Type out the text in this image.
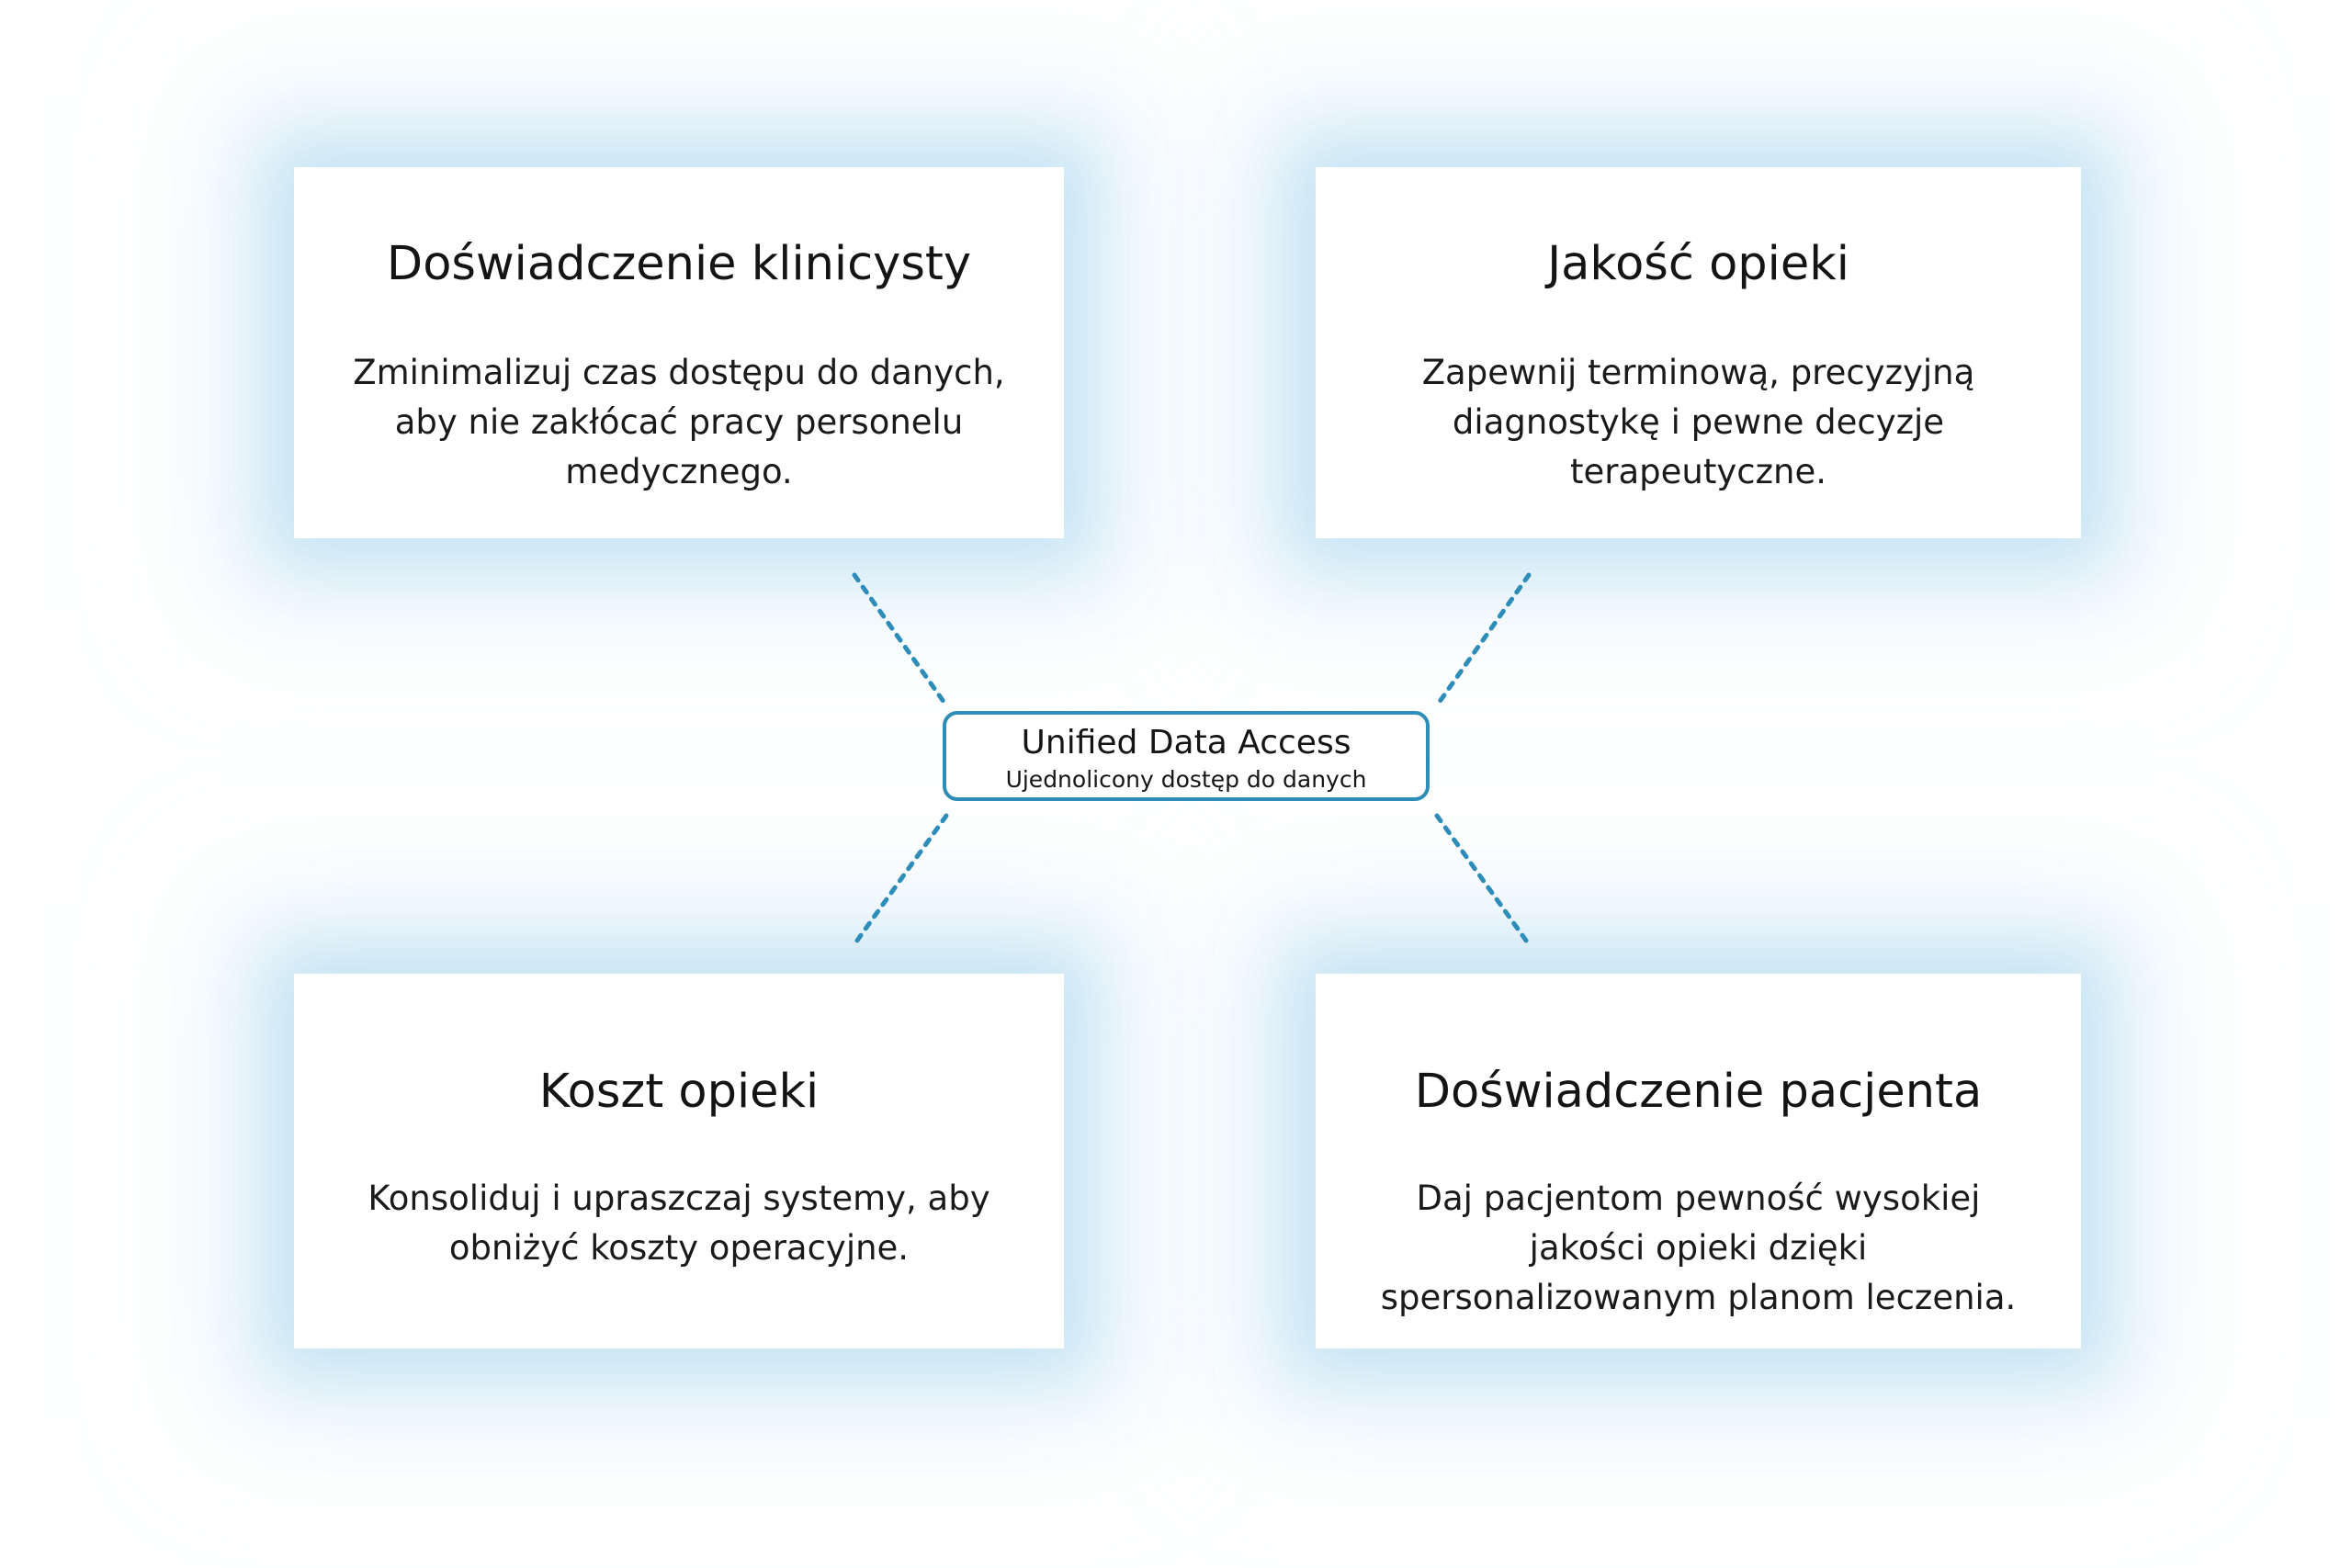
Doświadczenie klinicysty
Zminimalizuj czas dostępu do danych,
aby nie zakłócać pracy personelu
medycznego.
Jakość opieki
Zapewnij terminową, precyzyjną
diagnostykę i pewne decyzje
terapeutyczne.
Koszt opieki
Konsoliduj i upraszczaj systemy, aby
obniżyć koszty operacyjne.
Doświadczenie pacjenta
Daj pacjentom pewność wysokiej
jakości opieki dzięki
spersonalizowanym planom leczenia.
Unified Data Access
Ujednolicony dostęp do danych
